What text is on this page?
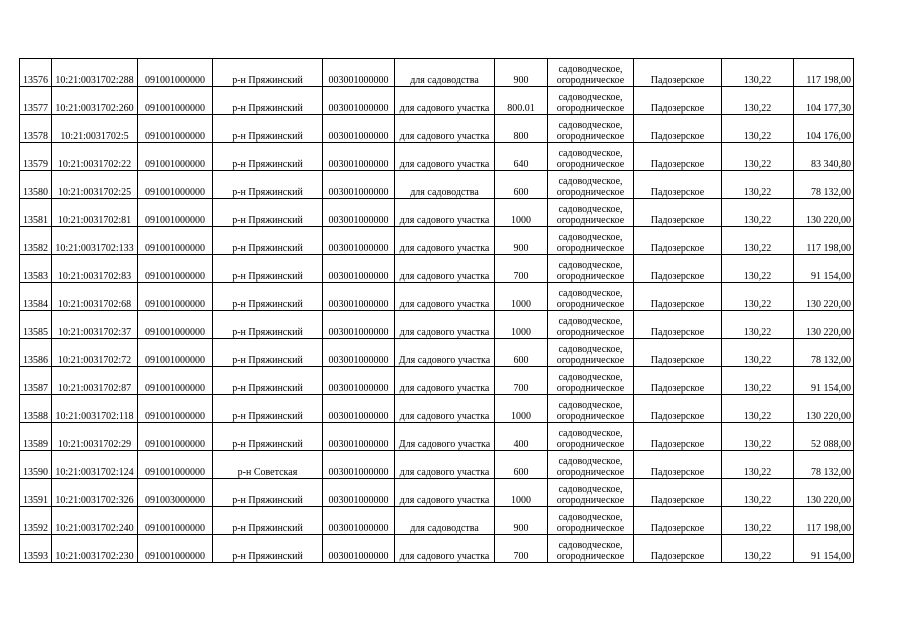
13576	10:21:0031702:288	091001000000	р-н Пряжинский	003001000000	для садоводства	900	садоводческое,
огородническое	Падозерское	130,22	117 198,00
13577	10:21:0031702:260	091001000000	р-н Пряжинский	003001000000	для садового участка	800.01	садоводческое,
огородническое	Падозерское	130,22	104 177,30
13578	10:21:0031702:5	091001000000	р-н Пряжинский	003001000000	для садового участка	800	садоводческое,
огородническое	Падозерское	130,22	104 176,00
13579	10:21:0031702:22	091001000000	р-н Пряжинский	003001000000	для садового участка	640	садоводческое,
огородническое	Падозерское	130,22	83 340,80
13580	10:21:0031702:25	091001000000	р-н Пряжинский	003001000000	для садоводства	600	садоводческое,
огородническое	Падозерское	130,22	78 132,00
13581	10:21:0031702:81	091001000000	р-н Пряжинский	003001000000	для садового участка	1000	садоводческое,
огородническое	Падозерское	130,22	130 220,00
13582	10:21:0031702:133	091001000000	р-н Пряжинский	003001000000	для садового участка	900	садоводческое,
огородническое	Падозерское	130,22	117 198,00
13583	10:21:0031702:83	091001000000	р-н Пряжинский	003001000000	для садового участка	700	садоводческое,
огородническое	Падозерское	130,22	91 154,00
13584	10:21:0031702:68	091001000000	р-н Пряжинский	003001000000	для садового участка	1000	садоводческое,
огородническое	Падозерское	130,22	130 220,00
13585	10:21:0031702:37	091001000000	р-н Пряжинский	003001000000	для садового участка	1000	садоводческое,
огородническое	Падозерское	130,22	130 220,00
13586	10:21:0031702:72	091001000000	р-н Пряжинский	003001000000	Для садового участка	600	садоводческое,
огородническое	Падозерское	130,22	78 132,00
13587	10:21:0031702:87	091001000000	р-н Пряжинский	003001000000	для садового участка	700	садоводческое,
огородническое	Падозерское	130,22	91 154,00
13588	10:21:0031702:118	091001000000	р-н Пряжинский	003001000000	для садового участка	1000	садоводческое,
огородническое	Падозерское	130,22	130 220,00
13589	10:21:0031702:29	091001000000	р-н Пряжинский	003001000000	Для садового участка	400	садоводческое,
огородническое	Падозерское	130,22	52 088,00
13590	10:21:0031702:124	091001000000	р-н Советская	003001000000	для садового участка	600	садоводческое,
огородническое	Падозерское	130,22	78 132,00
13591	10:21:0031702:326	091003000000	р-н Пряжинский	003001000000	для садового участка	1000	садоводческое,
огородническое	Падозерское	130,22	130 220,00
13592	10:21:0031702:240	091001000000	р-н Пряжинский	003001000000	для садоводства	900	садоводческое,
огородническое	Падозерское	130,22	117 198,00
13593	10:21:0031702:230	091001000000	р-н Пряжинский	003001000000	для садового участка	700	садоводческое,
огородническое	Падозерское	130,22	91 154,00
